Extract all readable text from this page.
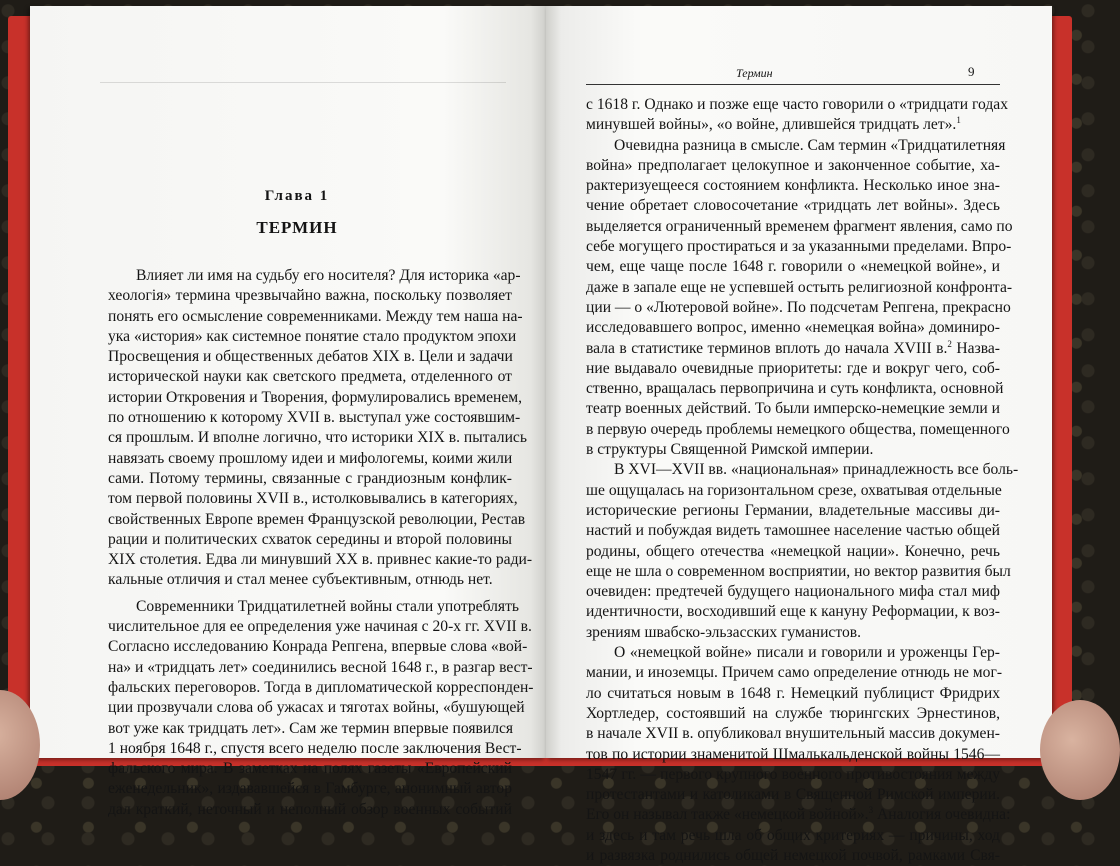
Глава 1
ТЕРМИН
Влияет ли имя на судьбу его носителя? Для историка «ар-
хеологія» термина чрезвычайно важна, поскольку позволяет
понять его осмысление современниками. Между тем наша на-
ука «история» как системное понятие стало продуктом эпохи
Просвещения и общественных дебатов XIX в. Цели и задачи
исторической науки как светского предмета, отделенного от
истории Откровения и Творения, формулировались временем,
по отношению к которому XVII в. выступал уже состоявшим-
ся прошлым. И вполне логично, что историки XIX в. пытались
навязать своему прошлому идеи и мифологемы, коими жили
сами. Потому термины, связанные с грандиозным конфлик-
том первой половины XVII в., истолковывались в категориях,
свойственных Европе времен Французской революции, Рестав
рации и политических схваток середины и второй половины
XIX столетия. Едва ли минувший XX в. привнес какие-то ради-
кальные отличия и стал менее субъективным, отнюдь нет.
Современники Тридцатилетней войны стали употреблять
числительное для ее определения уже начиная с 20-х гг. XVII в.
Согласно исследованию Конрада Репгена, впервые слова «вой-
на» и «тридцать лет» соединились весной 1648 г., в разгар вест-
фальских переговоров. Тогда в дипломатической корреспонден-
ции прозвучали слова об ужасах и тяготах войны, «бушующей
вот уже как тридцать лет». Сам же термин впервые появился
1 ноября 1648 г., спустя всего неделю после заключения Вест-
фальского мира. В заметках на полях газеты «Европейский
еженедельник», издававшейся в Гамбурге, анонимный автор
дал краткий, неточный и неполный обзор военных событий
Термин	9
с 1618 г. Однако и позже еще часто говорили о «тридцати годах
минувшей войны», «о войне, длившейся тридцать лет».$^1$
Очевидна разница в смысле. Сам термин «Тридцатилетняя
война» предполагает целокупное и законченное событие, ха-
рактеризуещееся состоянием конфликта. Несколько иное зна-
чение обретает словосочетание «тридцать лет войны». Здесь
выделяется ограниченный временем фрагмент явления, само по
себе могущего простираться и за указанными пределами. Впро-
чем, еще чаще после 1648 г. говорили о «немецкой войне», и
даже в запале еще не успевшей остыть религиозной конфронта-
ции — о «Лютеровой войне». По подсчетам Репгена, прекрасно
исследовавшего вопрос, именно «немецкая война» доминиро-
вала в статистике терминов вплоть до начала XVIII в.$^2$ Назва-
ние выдавало очевидные приоритеты: где и вокруг чего, соб-
ственно, вращалась первопричина и суть конфликта, основной
театр военных действий. То были имперско-немецкие земли и
в первую очередь проблемы немецкого общества, помещенного
в структуры Священной Римской империи.
В XVI—XVII вв. «национальная» принадлежность все боль-
ше ощущалась на горизонтальном срезе, охватывая отдельные
исторические регионы Германии, владетельные массивы ди-
настий и побуждая видеть тамошнее население частью общей
родины, общего отечества «немецкой нации». Конечно, речь
еще не шла о современном восприятии, но вектор развития был
очевиден: предтечей будущего национального мифа стал миф
идентичности, восходивший еще к кануну Реформации, к воз-
зрениям швабско-эльзасских гуманистов.
О «немецкой войне» писали и говорили и уроженцы Гер-
мании, и иноземцы. Причем само определение отнюдь не мог-
ло считаться новым в 1648 г. Немецкий публицист Фридрих
Хортледер, состоявший на службе тюрингских Эрнестинов,
в начале XVII в. опубликовал внушительный массив докумен-
тов по истории знаменитой Шмалькальденской войны 1546—
1547 гг. — первого крупного военного противостояния между
протестантами и католиками в Священной Римской империи.
Его он называл также «немецкой войной».$^3$ Аналогия очевидна:
и здесь и там речь шла об общих критериях — причины, ход
и развязка роднились общей немецкой почвой, рамками Свя-
